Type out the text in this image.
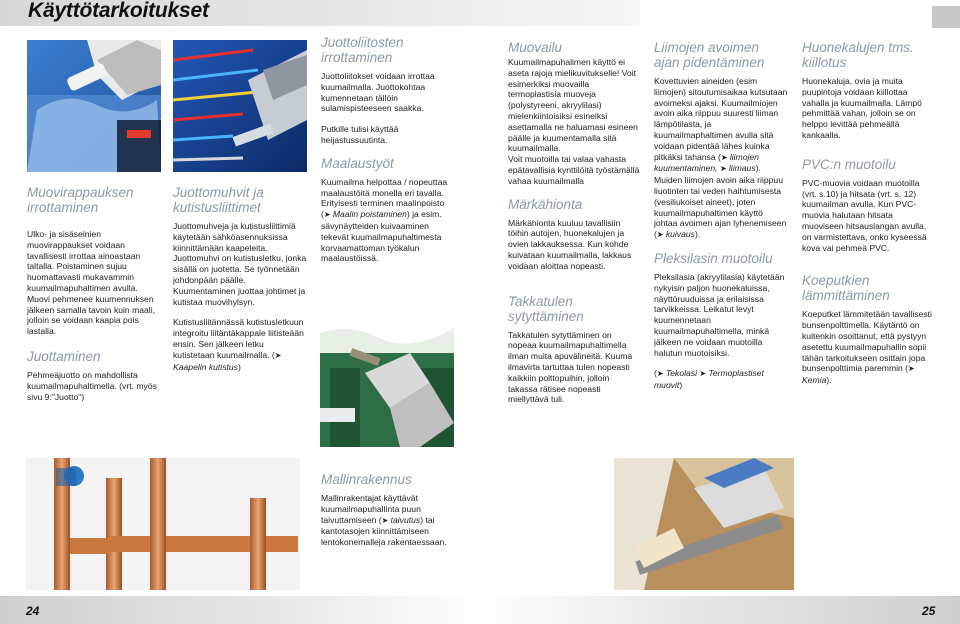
Käyttötarkoitukset
Muovirappauksen irrottaminen

Ulko- ja sisäseinien muovirappaukset voidaan tavallisesti irrottaa ainoastaan taltalla. Poistaminen sujuu huomattavasti mukavammin kuumailmapuhaltimen avulla. Muovi pehmenee kuumennuksen jälkeen samalla tavoin kuin maali, jolloin se voidaan kaapia pois lastalla.

Juottaminen

Pehmeäjuotto on mahdollista kuumailmapuhaltimella. (vrt. myös sivu 9:"Juotto")

Juottomuhvit ja kutistusliittimet

Juottomuhveja ja kutistusliittimiä käytetään sähköasennuksissa kiinnittämään kaapeleita. Juottomuhvi on kutistusletku, jonka sisällä on juotetta. Se työnnetään johdonpään päälle. Kuumentaminen juottaa johtimet ja kutistaa muovihylsyn.

Kutistusliitännässä kutistusletkuun integroitu liitäntäkappale liitisteään ensin. Sen jälkeen letku kutistetaan kuumailmalla. (➤ Kaapelin kutistus)

Juottoliitosten irrottaminen

Juottoliitokset voidaan irrottaa kuumailmalla. Juottokohtaa kumennetaan tällöin sulamispisteeseen saakka.

Putkille tulisi käyttää heijastussuutinta.

Maalaustyöt

Kuumailma helpottaa / nopeuttaa maalaustöitä monella eri tavalla. Erityisesti terminen maalinpoisto (➤ Maalin poistaminen) ja esim. sävynäytteiden kuivaaminen tekevät kuumailmapuhaltimesta korvaamattoman työkalun maalaustöissä.

Mallinrakennus

Mallinrakentajat käyttävät kuumailmapuhallinta puun taivuttamiseen (➤ taivutus) tai kantotasojen kiinnittämiseen lentokonemalleja rakentaessaan.

Muovailu

Kuumailmapuhalimen käyttö ei aseta rajoja mielikuvitukselle! Voit esimerkiksi muovailla termoplastisia muoveja (polystyreeni, akryylilasi) mielenkiintoisiksi esineiksi asettamalla ne haluamasi esineen päälle ja kuumentamalla sitä kuumailmalla.

Voit muotoilla tai valaa vahasta epätavallisia kynttilöitä työstämällä vahaa kuumailmalla

Märkähionta

Märkähionta kuuluu tavallisiin töihin autojen, huonekalujen ja ovien lakkauksessa. Kun kohde kuivataan kuumailmalla, lakkaus voidaan aloittaa nopeasti.

Takkatulen sytyttäminen

Takkatulen sytyttäminen on nopeaa kuumailmapuhaltimella ilman muita apuvälineitä. Kuuma ilmavirta tartuttaa tulen nopeasti kaikkiin polttopuihin, jolloin takassa rätisee nopeasti miellyttävä tuli.

Liimojen avoimen ajan pidentäminen

Kovettuvien aineiden (esim liimojen) sitoutumisaikaa kutsutaan avoimeksi ajaksi. Kuumailmiojen avoin aika riippuu suuresti liiman lämpötilasta, ja kuumailmaphaltimen avulla sitä voidaan pidentää lähes kuinka pitkäksi tahansa (➤ liimojen kuumentaminen, ➤ liimaus). Muiden liimojen avoin aika riippuu liuotinten tai veden haihtumisesta (vesiliukoiset aineet), joten kuumailmapuhaltimen käyttö johtaa avoimen ajan lyhenemiseen (➤ kuivaus).

Pleksilasin muotoilu

Pleksilasia (akryylilasia) käytetään nykyisin paljon huonekaluissa, näyttöruuduissa ja erilaisissa tarvikkeissa. Leikatut levyt kuumennetaan kuumailmapuhaltimella, minkä jälkeen ne voidaan muotoilla halutun muotoisiksi.

(➤ Tekolasi ➤ Termoplastiset muovit)

Huonekalujen tms. kiillotus

Huonekaluja, ovia ja muita puupintoja voidaan kiillottaa vahalla ja kuumailmalla. Lämpö pehmittää vahan, jolloin se on helppo levittää pehmeällä kankaalla.

PVC:n muotoilu

PVC-muovia voidaan muotoilla (vrt. s.10) ja hitsata (vrt. s. 12) kuumailman avulla. Kun PVC-muovia halutaan hitsata muoviseen hitsauslangan avulla, on varmistettava, onko kyseessä kova vai pehmeä PVC.

Koeputkien lämmittäminen

Koeputket lämmitetään tavallisesti bunsenpolttimella. Käytäntö on kuitenkin osoittanut, että pystyyn asetettu kuumailmapuhallin sopii tähän tarkoitukseen osittain jopa bunsenpolttimia paremmin (➤ Kemia).

24	25
